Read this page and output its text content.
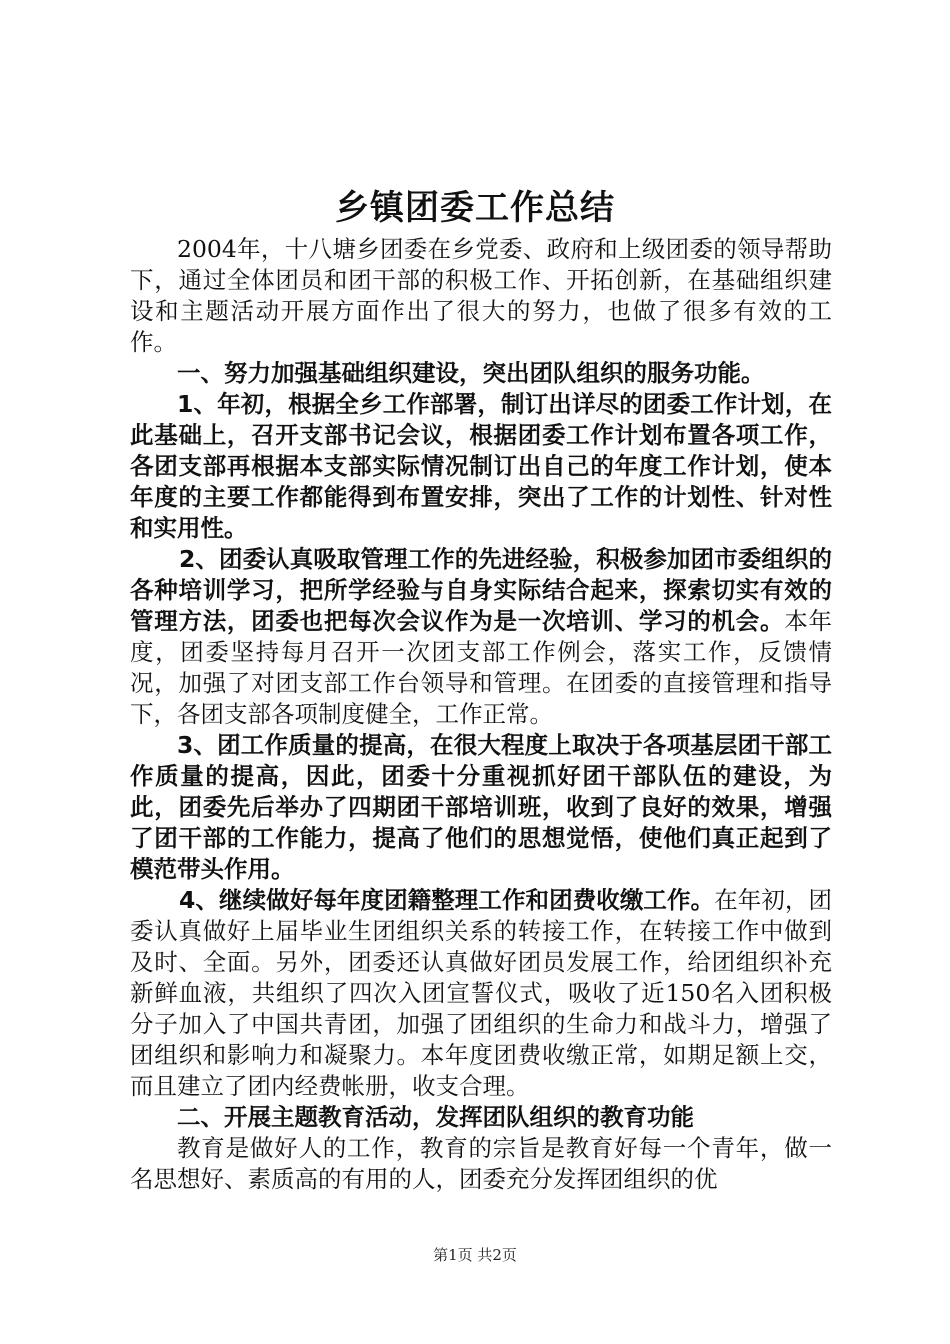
乡镇团委工作总结

2004年，十八塘乡团委在乡党委、政府和上级团委的领导帮助下，通过全体团员和团干部的积极工作、开拓创新，在基础组织建设和主题活动开展方面作出了很大的努力，也做了很多有效的工作。

一、努力加强基础组织建设，突出团队组织的服务功能。

1、年初，根据全乡工作部署，制订出详尽的团委工作计划，在此基础上，召开支部书记会议，根据团委工作计划布置各项工作，各团支部再根据本支部实际情况制订出自己的年度工作计划，使本年度的主要工作都能得到布置安排，突出了工作的计划性、针对性和实用性。

2、团委认真吸取管理工作的先进经验，积极参加团市委组织的各种培训学习，把所学经验与自身实际结合起来，探索切实有效的管理方法，团委也把每次会议作为是一次培训、学习的机会。本年度，团委坚持每月召开一次团支部工作例会，落实工作，反馈情况，加强了对团支部工作台领导和管理。在团委的直接管理和指导下，各团支部各项制度健全，工作正常。

3、团工作质量的提高，在很大程度上取决于各项基层团干部工作质量的提高，因此，团委十分重视抓好团干部队伍的建设，为此，团委先后举办了四期团干部培训班，收到了良好的效果，增强了团干部的工作能力，提高了他们的思想觉悟，使他们真正起到了模范带头作用。

4、继续做好每年度团籍整理工作和团费收缴工作。在年初，团委认真做好上届毕业生团组织关系的转接工作，在转接工作中做到及时、全面。另外，团委还认真做好团员发展工作，给团组织补充新鲜血液，共组织了四次入团宣誓仪式，吸收了近150名入团积极分子加入了中国共青团，加强了团组织的生命力和战斗力，增强了团组织和影响力和凝聚力。本年度团费收缴正常，如期足额上交，而且建立了团内经费帐册，收支合理。

二、开展主题教育活动，发挥团队组织的教育功能

教育是做好人的工作，教育的宗旨是教育好每一个青年，做一名思想好、素质高的有用的人，团委充分发挥团组织的优

第1页 共2页
